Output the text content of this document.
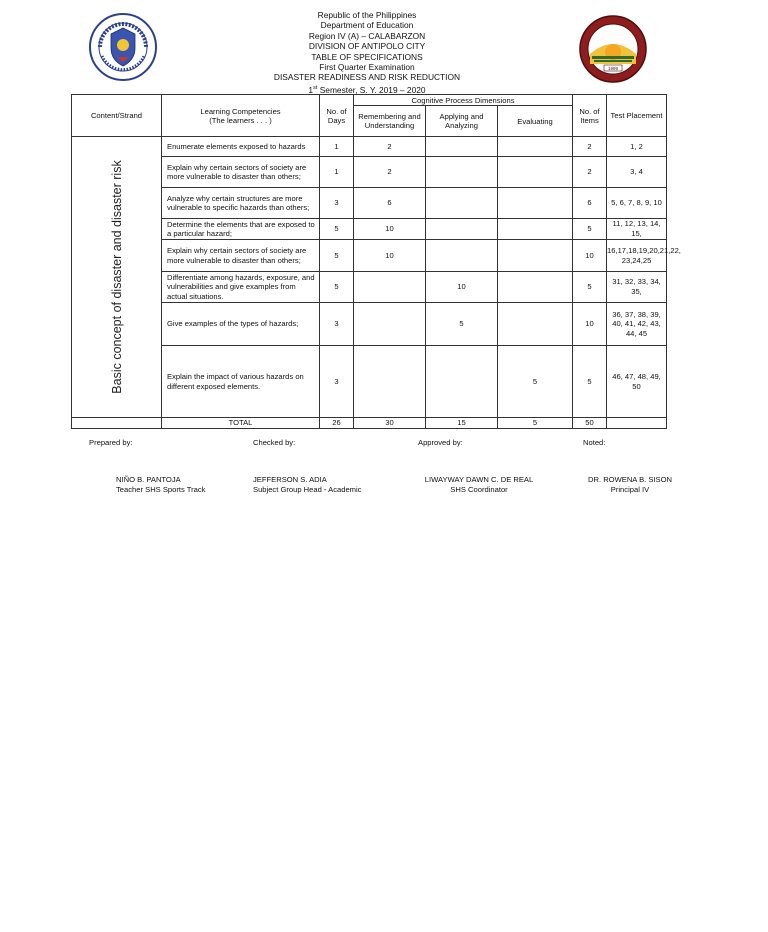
Republic of the Philippines
Department of Education
Region IV (A) – CALABARZON
DIVISION OF ANTIPOLO CITY
TABLE OF SPECIFICATIONS
First Quarter Examination
DISASTER READINESS AND RISK REDUCTION
1st Semester, S. Y. 2019 – 2020
1999
Content/Strand	Learning Competencies
(The learners . . . )	No. of Days	Cognitive Process Dimensions			No. of Items	Test Placement
			Remembering and Understanding	Applying and Analyzing	Evaluating		

Basic concept of disaster and disaster risk	Enumerate elements exposed to hazards	1	2			2	1, 2
	Explain why certain sectors of society are more vulnerable to disaster than others;	1	2			2	3, 4
	Analyze why certain structures are more vulnerable to specific hazards than others;	3	6			6	5, 6, 7, 8, 9, 10
	Determine the elements that are exposed to a particular hazard;	5	10			5	11, 12, 13, 14, 15,
	Explain why certain sectors of society are more vulnerable to disaster than others;	5	10			10	16,17,18,19,20,21,22, 23,24,25
	Differentiate among hazards, exposure, and vulnerabilities and give examples from actual situations.	5		10		5	31, 32, 33, 34, 35,
	Give examples of the types of hazards;	3		5		10	36, 37, 38, 39, 40, 41, 42, 43, 44, 45
	Explain the impact of various hazards on different exposed elements.	3			5	5	46, 47, 48, 49, 50
	TOTAL	26	30	15	5	50	
Prepared by:	Checked by:	Approved by:	Noted:
NIÑO B. PANTOJA
Teacher SHS Sports Track
JEFFERSON S. ADIA
Subject Group Head - Academic
LIWAYWAY DAWN C. DE REAL
SHS Coordinator
DR. ROWENA B. SISON
Principal IV
